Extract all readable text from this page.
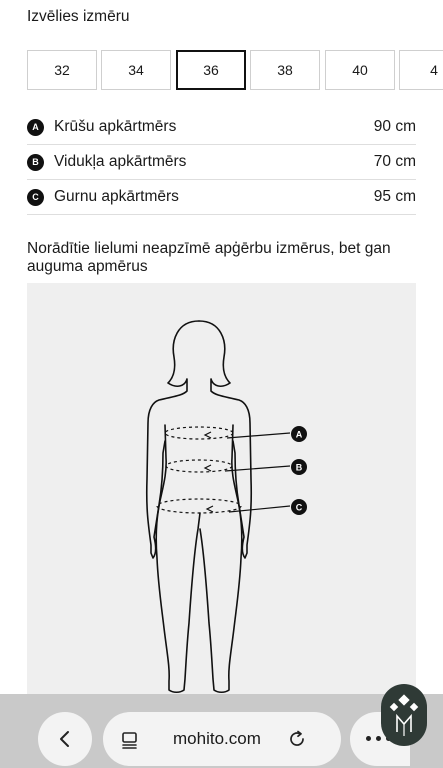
Izvēlies izmēru
32	34	36	38	40	4
A Krūšu apkārtmērs	90 cm
B Vidukļa apkārtmērs	70 cm
C Gurnu apkārtmērs	95 cm
Norādītie lielumi neapzīmē apģērbu izmērus, bet gan auguma apmērus
A
B
C
mohito.com
